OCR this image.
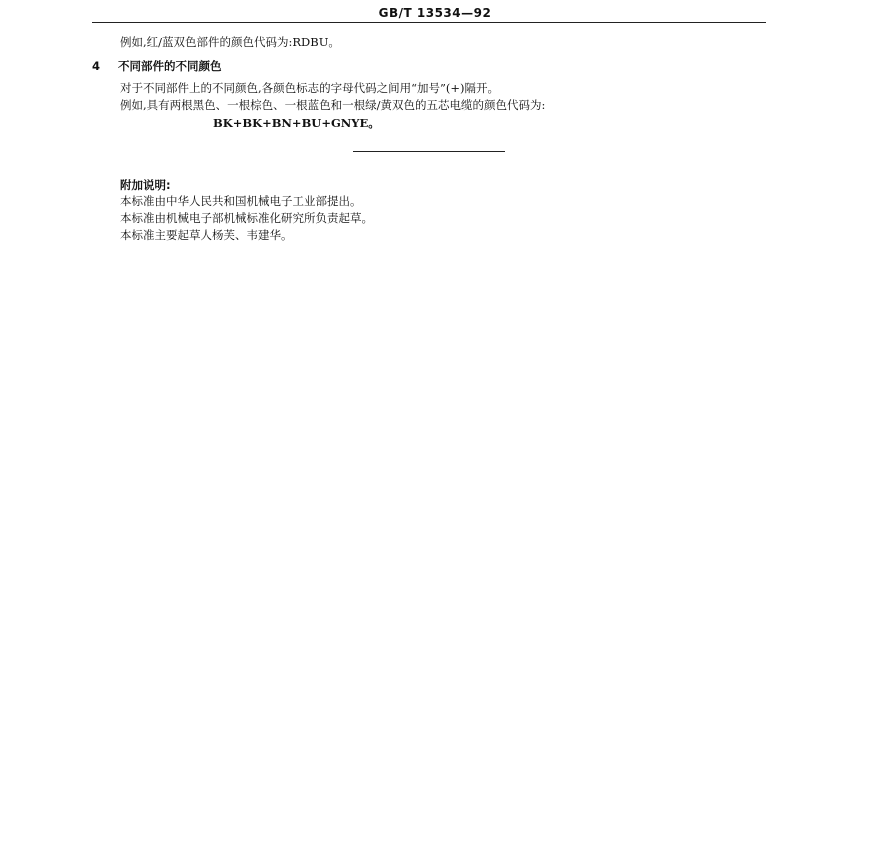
GB/T 13534—92
例如,红/蓝双色部件的颜色代码为:RDBU。
4 不同部件的不同颜色
对于不同部件上的不同颜色,各颜色标志的字母代码之间用“加号”(+)隔开。
例如,具有两根黑色、一根棕色、一根蓝色和一根绿/黄双色的五芯电缆的颜色代码为:
BK+BK+BN+BU+GNYE。
附加说明:
本标准由中华人民共和国机械电子工业部提出。
本标准由机械电子部机械标准化研究所负责起草。
本标准主要起草人杨芙、韦建华。
